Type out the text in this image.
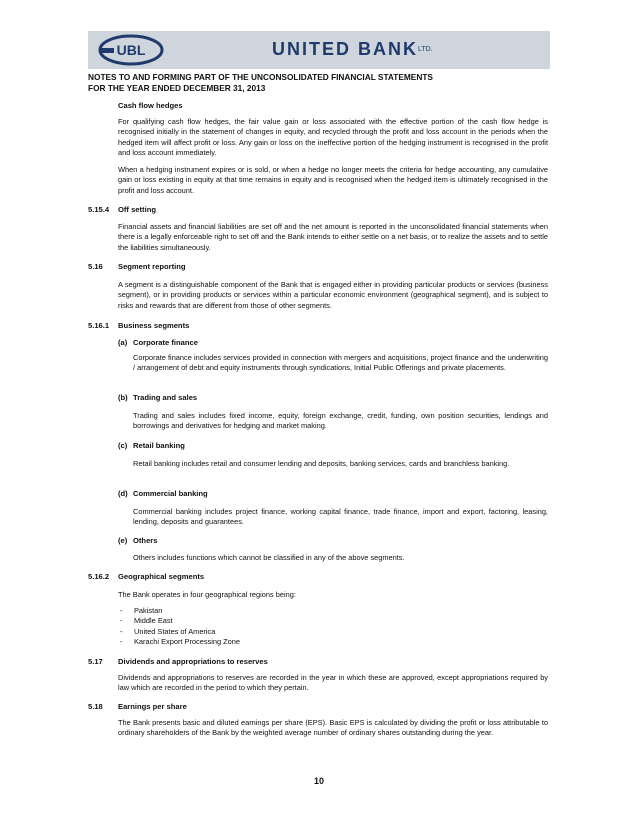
UBL	UNITED BANK LTD.
NOTES TO AND FORMING PART OF THE UNCONSOLIDATED FINANCIAL STATEMENTS
FOR THE YEAR ENDED DECEMBER 31, 2013
Cash flow hedges

For qualifying cash flow hedges, the fair value gain or loss associated with the effective portion of the cash flow hedge is recognised initially in the statement of changes in equity, and recycled through the profit and loss account in the periods when the hedged item will affect profit or loss. Any gain or loss on the ineffective portion of the hedging instrument is recognised in the profit and loss account immediately.

When a hedging instrument expires or is sold, or when a hedge no longer meets the criteria for hedge accounting, any cumulative gain or loss existing in equity at that time remains in equity and is recognised when the hedged item is ultimately recognised in the profit and loss account.

5.15.4 Off setting

Financial assets and financial liabilities are set off and the net amount is reported in the unconsolidated financial statements when there is a legally enforceable right to set off and the Bank intends to either settle on a net basis, or to realize the assets and to settle the liabilities simultaneously.

5.16 Segment reporting

A segment is a distinguishable component of the Bank that is engaged either in providing particular products or services (business segment), or in providing products or services within a particular economic environment (geographical segment), and is subject to risks and rewards that are different from those of other segments.

5.16.1 Business segments
(a) Corporate finance

Corporate finance includes services provided in connection with mergers and acquisitions, project finance and the underwriting / arrangement of debt and equity instruments through syndications, Initial Public Offerings and private placements.

(b) Trading and sales

Trading and sales includes fixed income, equity, foreign exchange, credit, funding, own position securities, lendings and borrowings and derivatives for hedging and market making.

(c) Retail banking

Retail banking includes retail and consumer lending and deposits, banking services, cards and branchless banking.

(d) Commercial banking

Commercial banking includes project finance, working capital finance, trade finance, import and export, factoring, leasing, lending, deposits and guarantees.

(e) Others

Others includes functions which cannot be classified in any of the above segments.

5.16.2 Geographical segments

The Bank operates in four geographical regions being:

- Pakistan
- Middle East
- United States of America
- Karachi Export Processing Zone
5.17 Dividends and appropriations to reserves

Dividends and appropriations to reserves are recorded in the year in which these are approved, except appropriations required by law which are recorded in the period to which they pertain.

5.18 Earnings per share

The Bank presents basic and diluted earnings per share (EPS). Basic EPS is calculated by dividing the profit or loss attributable to ordinary shareholders of the Bank by the weighted average number of ordinary shares outstanding during the year.

10
